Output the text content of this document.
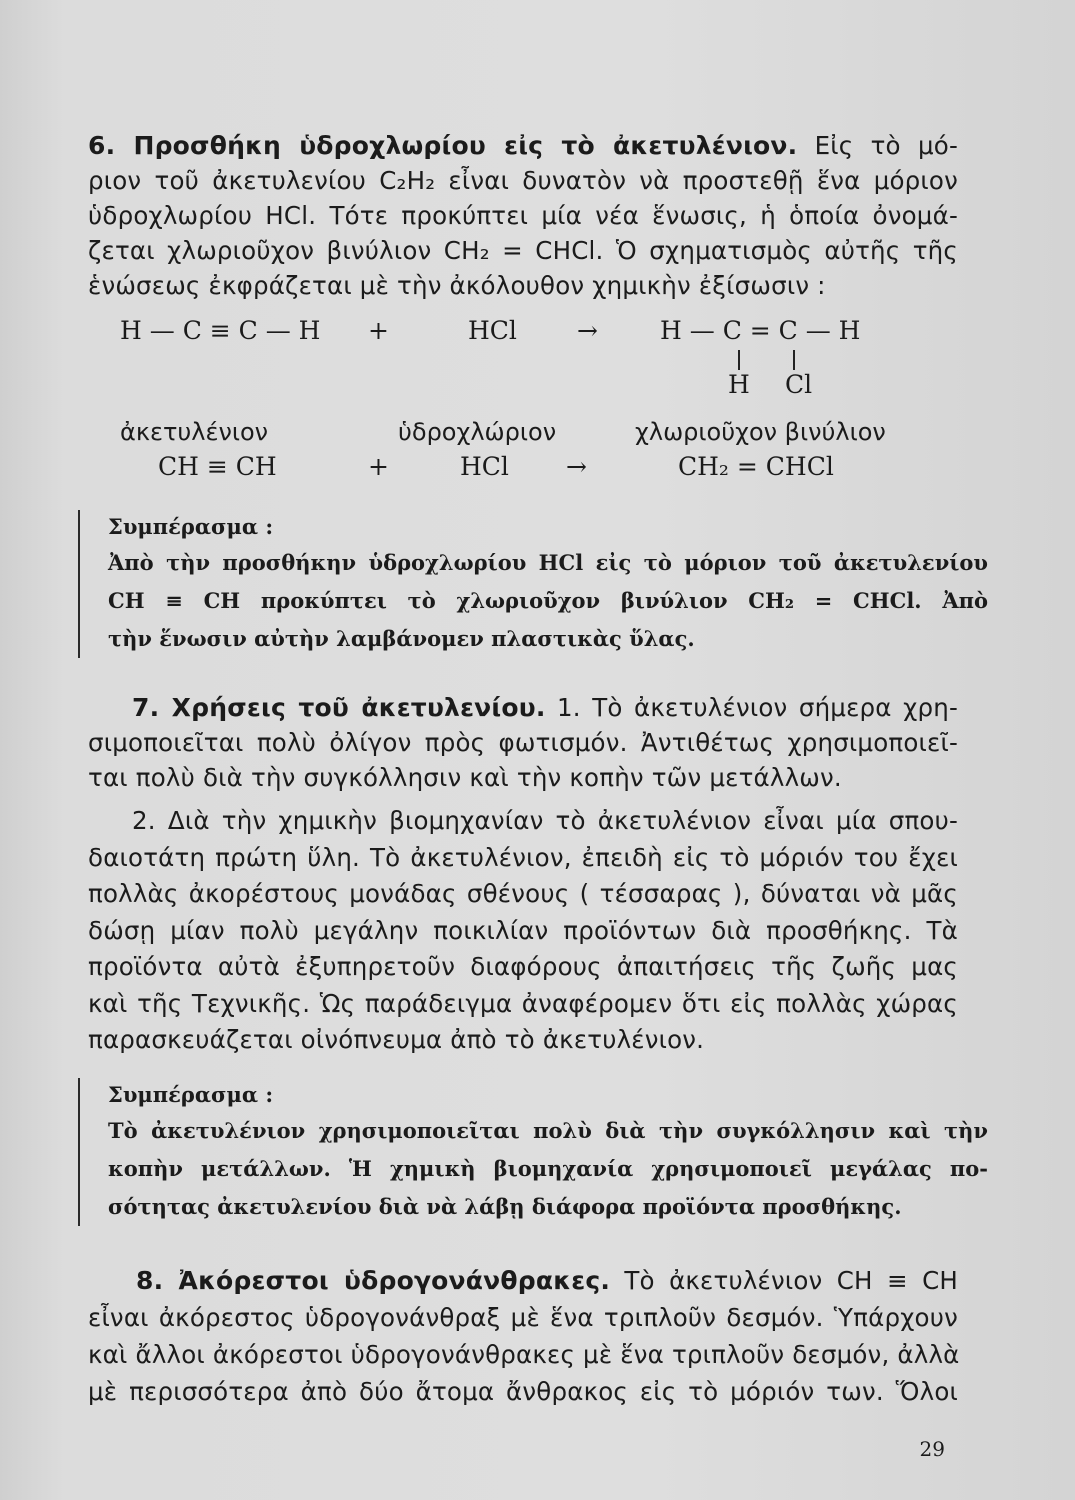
6. Προσθήκη ὑδροχλωρίου εἰς τὸ ἀκετυλένιον. Εἰς τὸ μό-
ριον τοῦ ἀκετυλενίου C₂H₂ εἶναι δυνατὸν νὰ προστεθῇ ἕνα μόριον
ὑδροχλωρίου HCl. Τότε προκύπτει μία νέα ἕνωσις, ἡ ὁποία ὀνομά-
ζεται χλωριοῦχον βινύλιον CH₂ = CHCl. Ὁ σχηματισμὸς αὐτῆς τῆς
ἑνώσεως ἐκφράζεται μὲ τὴν ἀκόλουθον χημικὴν ἐξίσωσιν :
H — C ≡ C — H +	HCl → H — C = C — H
H Cl
ἀκετυλένιον	ὑδροχλώριον	χλωριοῦχον βινύλιον
CH ≡ CH	+	HCl →	CH₂ = CHCl
Συμπέρασμα :
Ἀπὸ τὴν προσθήκην ὑδροχλωρίου HCl εἰς τὸ μόριον τοῦ ἀκετυλενίου
CH ≡ CH προκύπτει τὸ χλωριοῦχον βινύλιον CH₂ = CHCl. Ἀπὸ
τὴν ἕνωσιν αὐτὴν λαμβάνομεν πλαστικὰς ὕλας.
7. Χρήσεις τοῦ ἀκετυλενίου. 1. Τὸ ἀκετυλένιον σήμερα χρη-
σιμοποιεῖται πολὺ ὀλίγον πρὸς φωτισμόν. Ἀντιθέτως χρησιμοποιεῖ-
ται πολὺ διὰ τὴν συγκόλλησιν καὶ τὴν κοπὴν τῶν μετάλλων.
2. Διὰ τὴν χημικὴν βιομηχανίαν τὸ ἀκετυλένιον εἶναι μία σπου-
δαιοτάτη πρώτη ὕλη. Τὸ ἀκετυλένιον, ἐπειδὴ εἰς τὸ μόριόν του ἔχει
πολλὰς ἀκορέστους μονάδας σθένους ( τέσσαρας ), δύναται νὰ μᾶς
δώσῃ μίαν πολὺ μεγάλην ποικιλίαν προϊόντων διὰ προσθήκης. Τὰ
προϊόντα αὐτὰ ἐξυπηρετοῦν διαφόρους ἀπαιτήσεις τῆς ζωῆς μας
καὶ τῆς Τεχνικῆς. Ὡς παράδειγμα ἀναφέρομεν ὅτι εἰς πολλὰς χώρας
παρασκευάζεται οἰνόπνευμα ἀπὸ τὸ ἀκετυλένιον.
Συμπέρασμα :
Τὸ ἀκετυλένιον χρησιμοποιεῖται πολὺ διὰ τὴν συγκόλλησιν καὶ τὴν
κοπὴν μετάλλων. Ἡ χημικὴ βιομηχανία χρησιμοποιεῖ μεγάλας πο-
σότητας ἀκετυλενίου διὰ νὰ λάβῃ διάφορα προϊόντα προσθήκης.
8. Ἀκόρεστοι ὑδρογονάνθρακες. Τὸ ἀκετυλένιον CH ≡ CH
εἶναι ἀκόρεστος ὑδρογονάνθραξ μὲ ἕνα τριπλοῦν δεσμόν. Ὑπάρχουν
καὶ ἄλλοι ἀκόρεστοι ὑδρογονάνθρακες μὲ ἕνα τριπλοῦν δεσμόν, ἀλλὰ
μὲ περισσότερα ἀπὸ δύο ἄτομα ἄνθρακος εἰς τὸ μόριόν των. Ὅλοι
29
